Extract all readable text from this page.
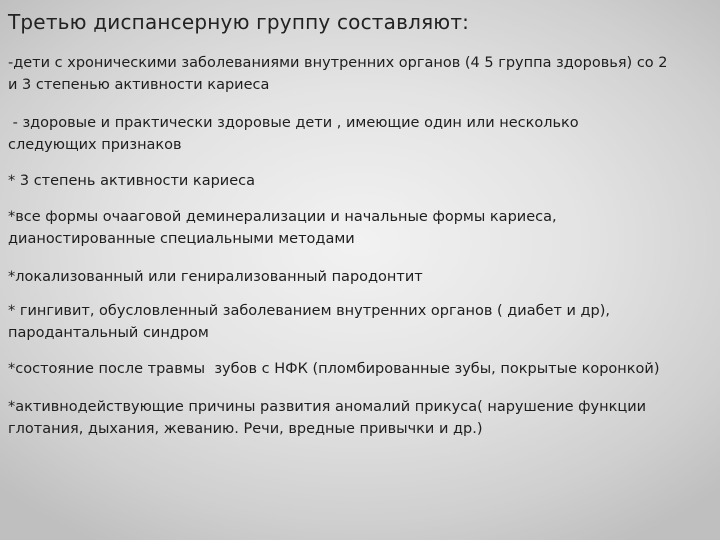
Третью диспансерную группу составляют:
-дети с хроническими заболеваниями внутренних органов (4 5 группа здоровья) со 2
и 3 степенью активности кариеса
- здоровые и практически здоровые дети , имеющие один или несколько
следующих признаков
* 3 степень активности кариеса
*все формы очааговой деминерализации и начальные формы кариеса,
дианостированные специальными методами
*локализованный или генирализованный пародонтит
* гингивит, обусловленный заболеванием внутренних органов ( диабет и др),
пародантальный синдром
*состояние после травмы  зубов с НФК (пломбированные зубы, покрытые коронкой)
*активнодействующие причины развития аномалий прикуса( нарушение функции
глотания, дыхания, жеванию. Речи, вредные привычки и др.)
